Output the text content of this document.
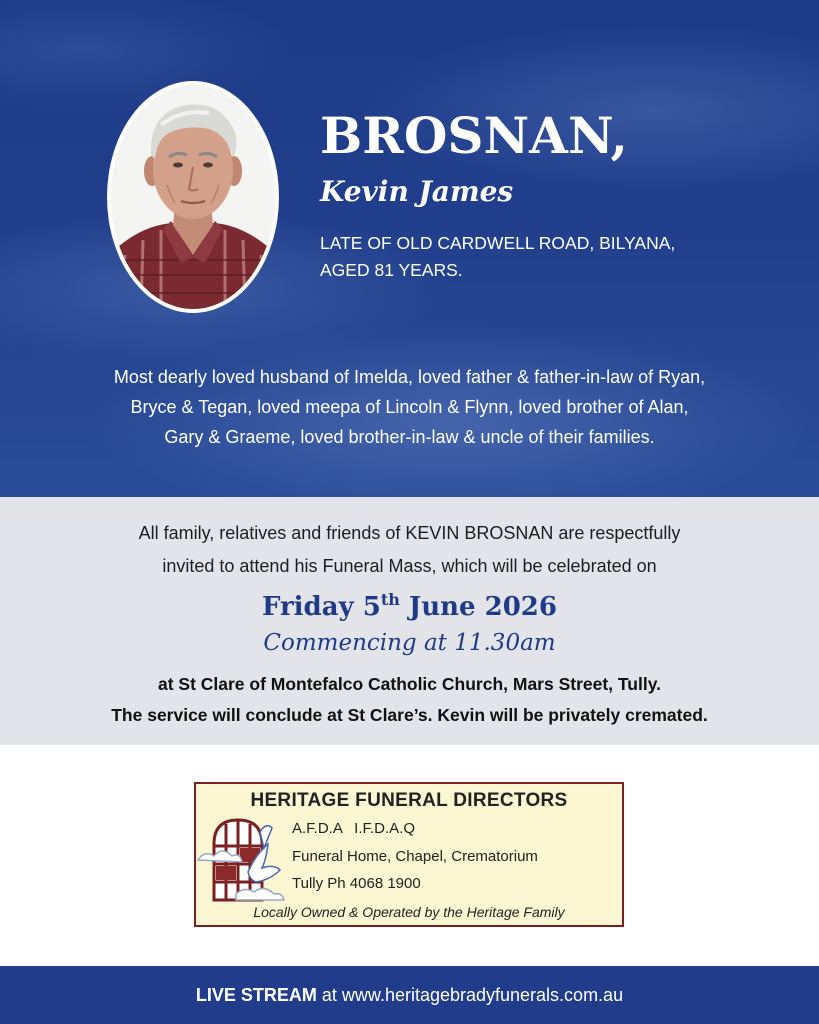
BROSNAN,
Kevin James
LATE OF OLD CARDWELL ROAD, BILYANA,
AGED 81 YEARS.
Most dearly loved husband of Imelda, loved father & father-in-law of Ryan,
Bryce & Tegan, loved meepa of Lincoln & Flynn, loved brother of Alan,
Gary & Graeme, loved brother-in-law & uncle of their families.
All family, relatives and friends of KEVIN BROSNAN are respectfully
invited to attend his Funeral Mass, which will be celebrated on
Friday 5th June 2026
Commencing at 11.30am
at St Clare of Montefalco Catholic Church, Mars Street, Tully.
The service will conclude at St Clare’s. Kevin will be privately cremated.
HERITAGE FUNERAL DIRECTORS
A.F.D.A I.F.D.A.Q
Funeral Home, Chapel, Crematorium
Tully Ph 4068 1900
Locally Owned & Operated by the Heritage Family
LIVE STREAM at www.heritagebradyfunerals.com.au
